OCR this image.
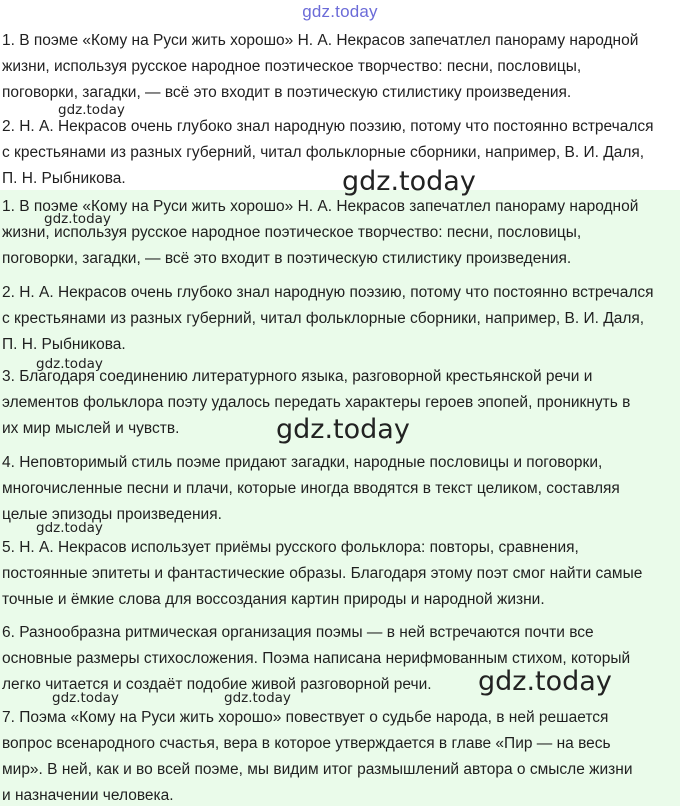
gdz.today

1. В поэме «Кому на Руси жить хорошо» Н. А. Некрасов запечатлел панораму народной
жизни, используя русское народное поэтическое творчество: песни, пословицы,
поговорки, загадки, — всё это входит в поэтическую стилистику произведения.

2. Н. А. Некрасов очень глубоко знал народную поэзию, потому что постоянно встречался
с крестьянами из разных губерний, читал фольклорные сборники, например, В. И. Даля,
П. Н. Рыбникова.

1. В поэме «Кому на Руси жить хорошо» Н. А. Некрасов запечатлел панораму народной
жизни, используя русское народное поэтическое творчество: песни, пословицы,
поговорки, загадки, — всё это входит в поэтическую стилистику произведения.

2. Н. А. Некрасов очень глубоко знал народную поэзию, потому что постоянно встречался
с крестьянами из разных губерний, читал фольклорные сборники, например, В. И. Даля,
П. Н. Рыбникова.

3. Благодаря соединению литературного языка, разговорной крестьянской речи и
элементов фольклора поэту удалось передать характеры героев эпопей, проникнуть в
их мир мыслей и чувств.

4. Неповторимый стиль поэме придают загадки, народные пословицы и поговорки,
многочисленные песни и плачи, которые иногда вводятся в текст целиком, составляя
целые эпизоды произведения.

5. Н. А. Некрасов использует приёмы русского фольклора: повторы, сравнения,
постоянные эпитеты и фантастические образы. Благодаря этому поэт смог найти самые
точные и ёмкие слова для воссоздания картин природы и народной жизни.

6. Разнообразна ритмическая организация поэмы — в ней встречаются почти все
основные размеры стихосложения. Поэма написана нерифмованным стихом, который
легко читается и создаёт подобие живой разговорной речи.

7. Поэма «Кому на Руси жить хорошо» повествует о судьбе народа, в ней решается
вопрос всенародного счастья, вера в которое утверждается в главе «Пир — на весь
мир». В ней, как и во всей поэме, мы видим итог размышлений автора о смысле жизни
и назначении человека.

gdz.today
gdz.today
gdz.today
gdz.today
gdz.today
gdz.today
gdz.today
gdz.today	gdz.today
